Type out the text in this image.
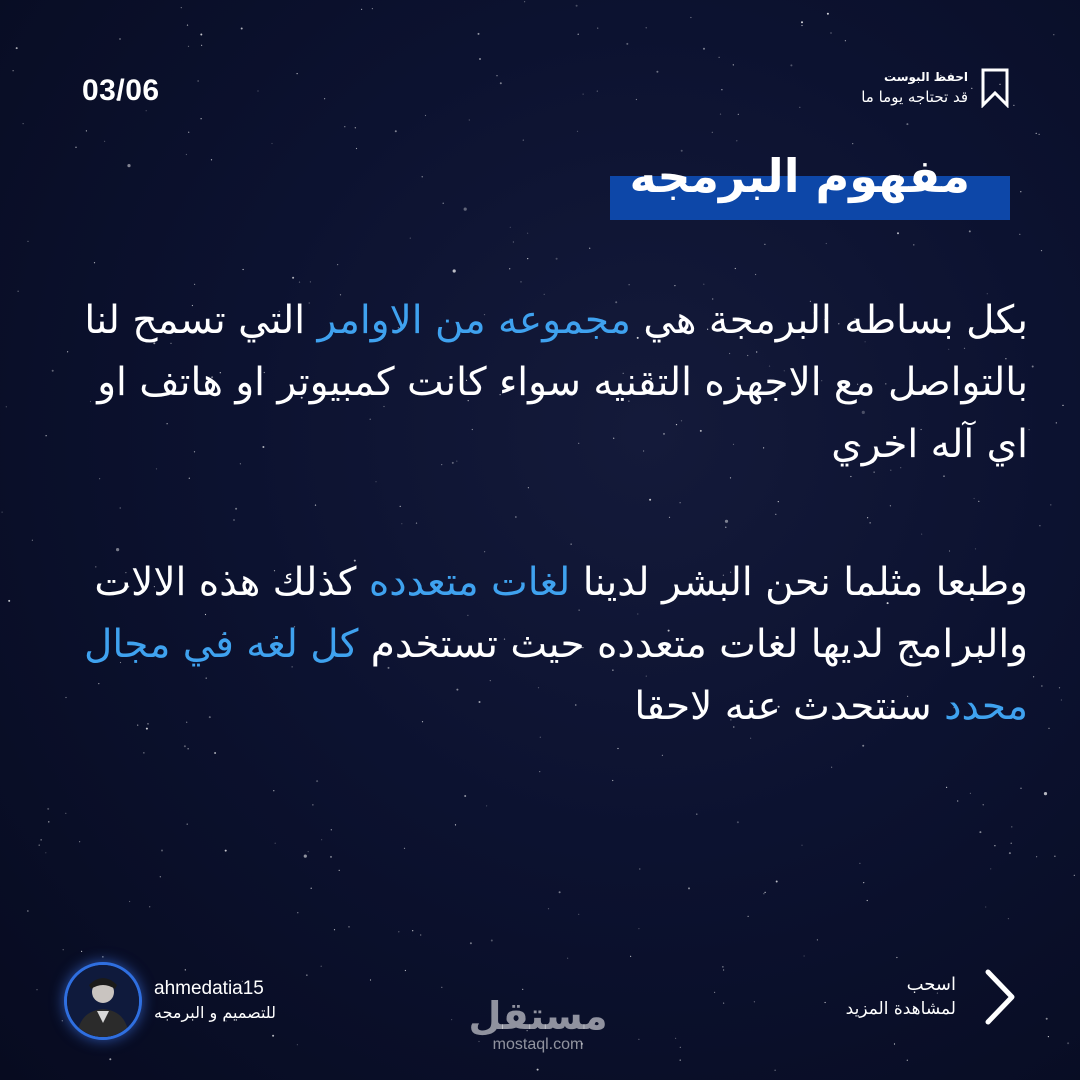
03/06	احفظ البوست
قد تحتاجه يوما ما
مفهوم البرمجه
بكل بساطه البرمجة هي مجموعه من الاوامر التي تسمح لنا بالتواصل مع الاجهزه التقنيه سواء كانت كمبيوتر او هاتف او اي آله اخري
وطبعا مثلما نحن البشر لدينا لغات متعدده كذلك هذه الالات والبرامج لديها لغات متعدده حيث تستخدم كل لغه في مجال محدد سنتحدث عنه لاحقا
ahmedatia15
للتصميم و البرمجه	مستقل
mostaql.com
اسحب
لمشاهدة المزيد
